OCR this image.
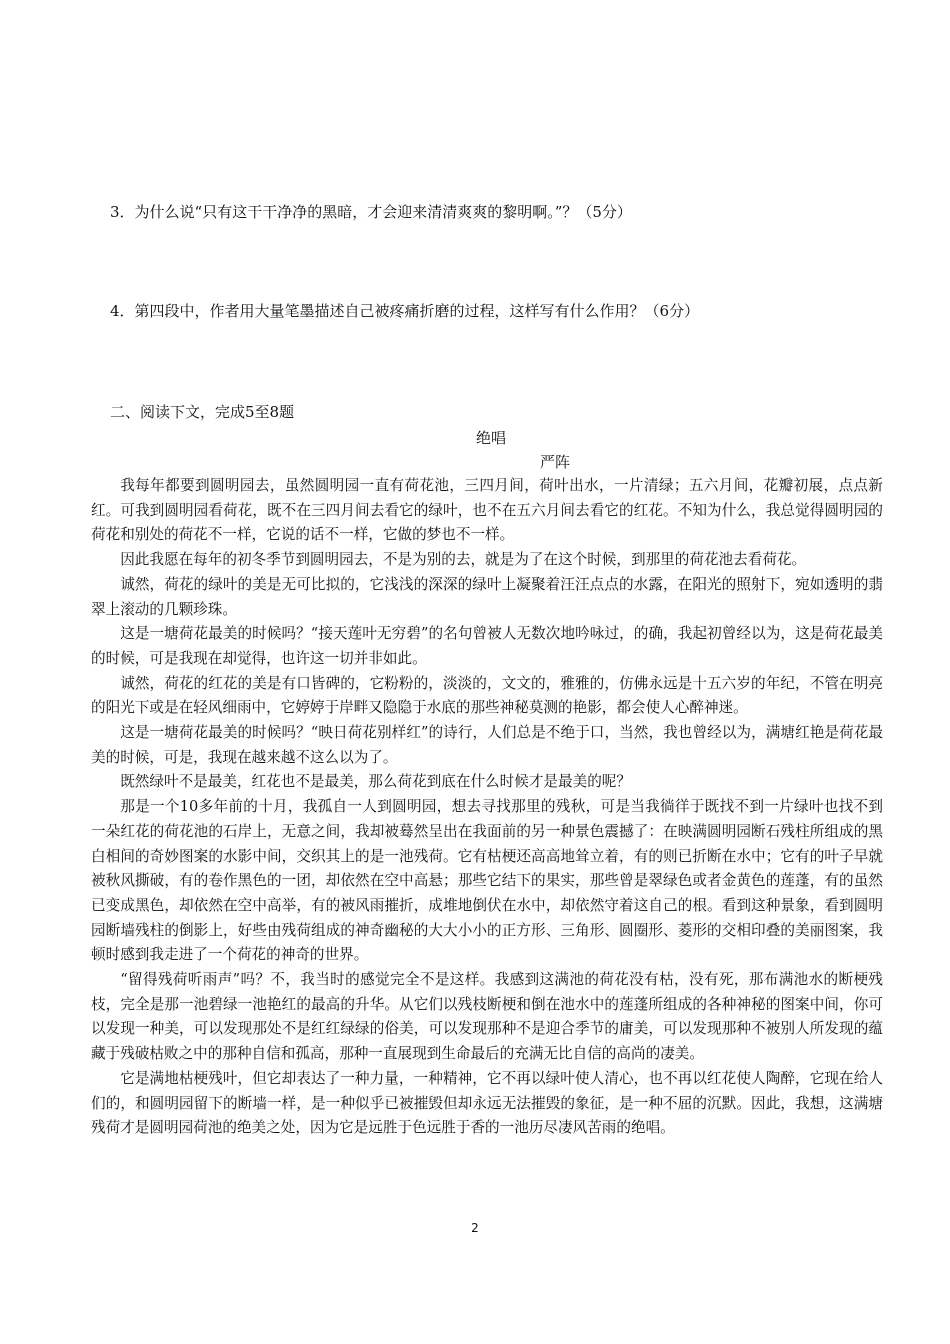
3．为什么说“只有这干干净净的黑暗，才会迎来清清爽爽的黎明啊。”？（5分）
4．第四段中，作者用大量笔墨描述自己被疼痛折磨的过程，这样写有什么作用？（6分）
二、阅读下文，完成5至8题
绝唱
严阵

我每年都要到圆明园去，虽然圆明园一直有荷花池，三四月间，荷叶出水，一片清绿；五六月间，花瓣初展，点点新红。可我到圆明园看荷花，既不在三四月间去看它的绿叶，也不在五六月间去看它的红花。不知为什么，我总觉得圆明园的荷花和别处的荷花不一样，它说的话不一样，它做的梦也不一样。

因此我愿在每年的初冬季节到圆明园去，不是为别的去，就是为了在这个时候，到那里的荷花池去看荷花。

诚然，荷花的绿叶的美是无可比拟的，它浅浅的深深的绿叶上凝聚着汪汪点点的水露，在阳光的照射下，宛如透明的翡翠上滚动的几颗珍珠。

这是一塘荷花最美的时候吗？“接天莲叶无穷碧”的名句曾被人无数次地吟咏过，的确，我起初曾经以为，这是荷花最美的时候，可是我现在却觉得，也许这一切并非如此。

诚然，荷花的红花的美是有口皆碑的，它粉粉的，淡淡的，文文的，雅雅的，仿佛永远是十五六岁的年纪，不管在明亮的阳光下或是在轻风细雨中，它婷婷于岸畔又隐隐于水底的那些神秘莫测的艳影，都会使人心醉神迷。

这是一塘荷花最美的时候吗？“映日荷花别样红”的诗行，人们总是不绝于口，当然，我也曾经以为，满塘红艳是荷花最美的时候，可是，我现在越来越不这么以为了。

既然绿叶不是最美，红花也不是最美，那么荷花到底在什么时候才是最美的呢？

那是一个10多年前的十月，我孤自一人到圆明园，想去寻找那里的残秋，可是当我徜徉于既找不到一片绿叶也找不到一朵红花的荷花池的石岸上，无意之间，我却被蓦然呈出在我面前的另一种景色震撼了：在映满圆明园断石残柱所组成的黑白相间的奇妙图案的水影中间，交织其上的是一池残荷。它有枯梗还高高地耸立着，有的则已折断在水中；它有的叶子早就被秋风撕破，有的卷作黑色的一团，却依然在空中高悬；那些它结下的果实，那些曾是翠绿色或者金黄色的莲蓬，有的虽然已变成黑色，却依然在空中高举，有的被风雨摧折，成堆地倒伏在水中，却依然守着这自己的根。看到这种景象，看到圆明园断墙残柱的倒影上，好些由残荷组成的神奇幽秘的大大小小的正方形、三角形、圆圈形、菱形的交相印叠的美丽图案，我顿时感到我走进了一个荷花的神奇的世界。

“留得残荷听雨声”吗？不，我当时的感觉完全不是这样。我感到这满池的荷花没有枯，没有死，那布满池水的断梗残枝，完全是那一池碧绿一池艳红的最高的升华。从它们以残枝断梗和倒在池水中的莲蓬所组成的各种神秘的图案中间，你可以发现一种美，可以发现那处不是红红绿绿的俗美，可以发现那种不是迎合季节的庸美，可以发现那种不被别人所发现的蕴藏于残破枯败之中的那种自信和孤高，那种一直展现到生命最后的充满无比自信的高尚的凄美。

它是满地枯梗残叶，但它却表达了一种力量，一种精神，它不再以绿叶使人清心，也不再以红花使人陶醉，它现在给人们的，和圆明园留下的断墙一样，是一种似乎已被摧毁但却永远无法摧毁的象征，是一种不屈的沉默。因此，我想，这满塘残荷才是圆明园荷池的绝美之处，因为它是远胜于色远胜于香的一池历尽凄风苦雨的绝唱。

2
